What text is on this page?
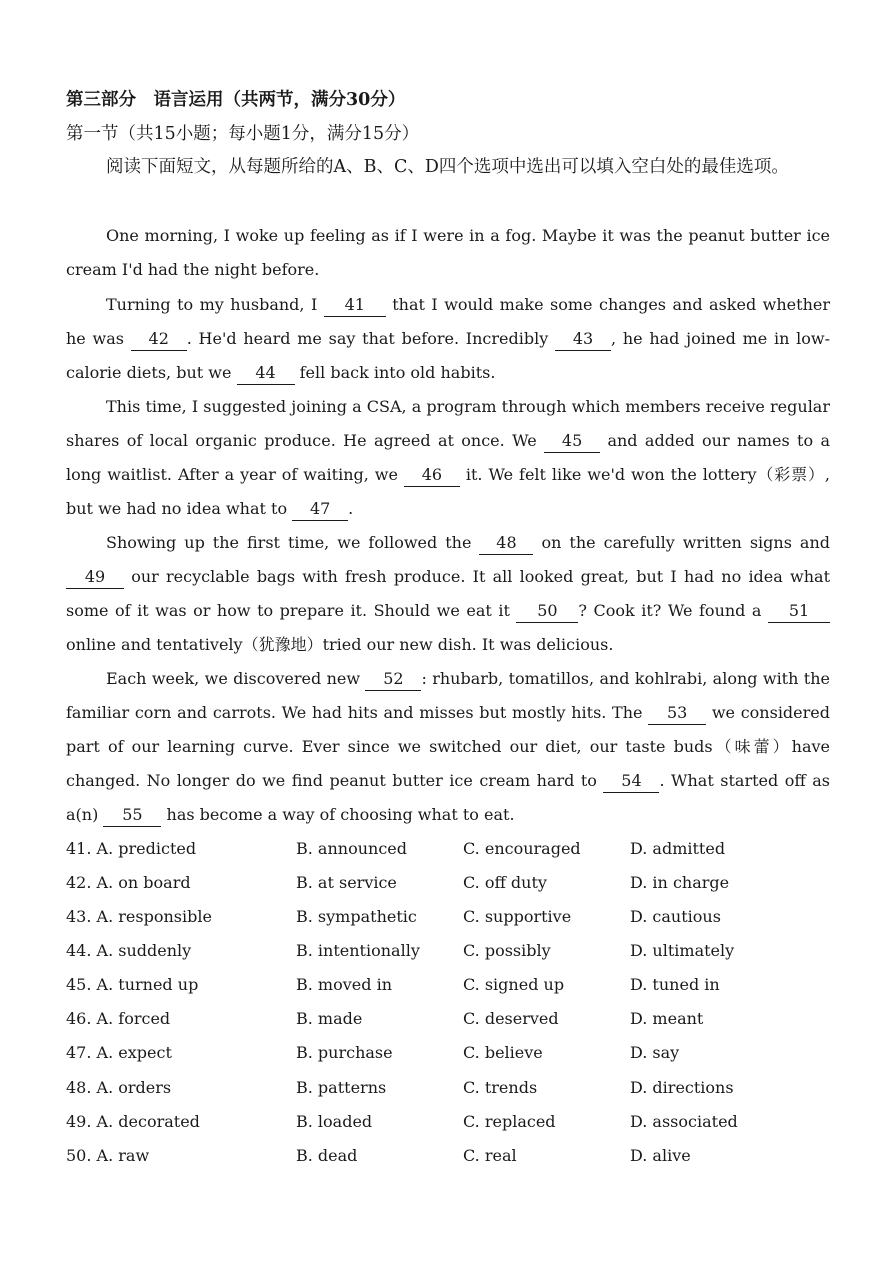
第三部分　语言运用（共两节，满分30分）
第一节（共15小题；每小题1分，满分15分）
阅读下面短文，从每题所给的A、B、C、D四个选项中选出可以填入空白处的最佳选项。
One morning, I woke up feeling as if I were in a fog. Maybe it was the peanut butter ice cream I'd had the night before.
Turning to my husband, I 41 that I would make some changes and asked whether he was 42 . He'd heard me say that before. Incredibly 43 , he had joined me in low-calorie diets, but we 44 fell back into old habits.
This time, I suggested joining a CSA, a program through which members receive regular shares of local organic produce. He agreed at once. We 45 and added our names to a long waitlist. After a year of waiting, we 46 it. We felt like we'd won the lottery（彩票）, but we had no idea what to 47 .
Showing up the first time, we followed the 48 on the carefully written signs and 49 our recyclable bags with fresh produce. It all looked great, but I had no idea what some of it was or how to prepare it. Should we eat it 50 ? Cook it? We found a 51 online and tentatively（犹豫地）tried our new dish. It was delicious.
Each week, we discovered new 52 : rhubarb, tomatillos, and kohlrabi, along with the familiar corn and carrots. We had hits and misses but mostly hits. The 53 we considered part of our learning curve. Ever since we switched our diet, our taste buds（味蕾）have changed. No longer do we find peanut butter ice cream hard to 54 . What started off as a(n) 55 has become a way of choosing what to eat.
41. A. predicted	B. announced	C. encouraged	D. admitted
42. A. on board	B. at service	C. off duty	D. in charge
43. A. responsible	B. sympathetic	C. supportive	D. cautious
44. A. suddenly	B. intentionally	C. possibly	D. ultimately
45. A. turned up	B. moved in	C. signed up	D. tuned in
46. A. forced	B. made	C. deserved	D. meant
47. A. expect	B. purchase	C. believe	D. say
48. A. orders	B. patterns	C. trends	D. directions
49. A. decorated	B. loaded	C. replaced	D. associated
50. A. raw	B. dead	C. real	D. alive
